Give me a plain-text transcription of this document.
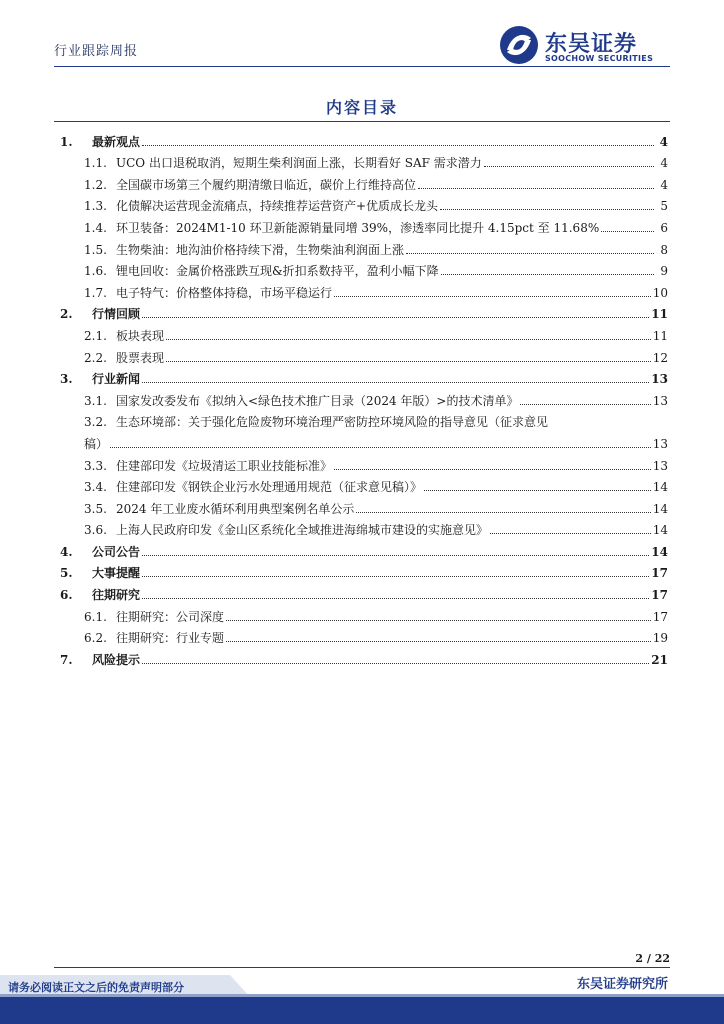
行业跟踪周报	东吴证券
SOOCHOW SECURITIES
内容目录
1.	最新观点	4
1.1. UCO 出口退税取消，短期生柴利润面上涨，长期看好 SAF 需求潜力	4
1.2. 全国碳市场第三个履约期清缴日临近，碳价上行维持高位	4
1.3. 化债解决运营现金流痛点，持续推荐运营资产+优质成长龙头	5
1.4. 环卫装备：2024M1-10 环卫新能源销量同增 39%，渗透率同比提升 4.15pct 至 11.68%	6
1.5. 生物柴油：地沟油价格持续下滑，生物柴油利润面上涨	8
1.6. 锂电回收：金属价格涨跌互现&折扣系数持平，盈利小幅下降	9
1.7. 电子特气：价格整体持稳，市场平稳运行	10
2.	行情回顾	11
2.1. 板块表现	11
2.2. 股票表现	12
3.	行业新闻	13
3.1. 国家发改委发布《拟纳入<绿色技术推广目录（2024 年版）>的技术清单》	13
3.2. 生态环境部：关于强化危险废物环境治理严密防控环境风险的指导意见（征求意见
稿）	13
3.3. 住建部印发《垃圾清运工职业技能标准》	13
3.4. 住建部印发《钢铁企业污水处理通用规范（征求意见稿）》	14
3.5. 2024 年工业废水循环利用典型案例名单公示	14
3.6. 上海人民政府印发《金山区系统化全域推进海绵城市建设的实施意见》	14
4.	公司公告	14
5.	大事提醒	17
6.	往期研究	17
6.1. 往期研究：公司深度	17
6.2. 往期研究：行业专题	19
7.	风险提示	21
2 / 22
请务必阅读正文之后的免责声明部分	东吴证券研究所
